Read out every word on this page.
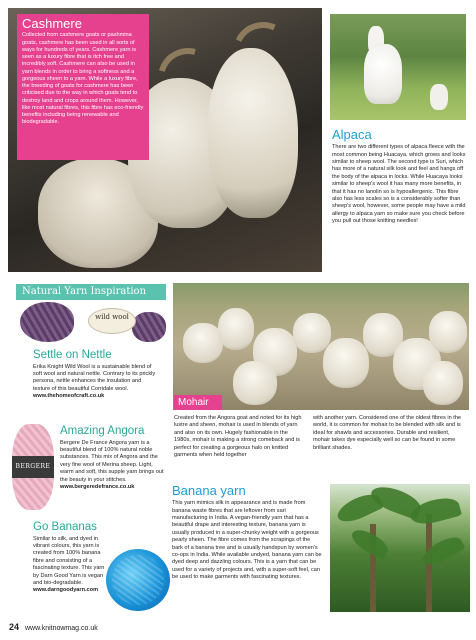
Cashmere

Collected from cashmere goats or pashmina goats, cashmere has been used in all sorts of ways for hundreds of years. Cashmere yarn is seen as a luxury fibre that is itch free and incredibly soft. Cashmere can also be used in yarn blends in order to bring a softness and a gorgeous sheen to a yarn. While a luxury fibre, the breeding of goats for cashmere has been criticised due to the way in which goats tend to destroy land and crops around them. However, like most natural fibres, this fibre has eco-friendly benefits including being renewable and biodegradable.

Alpaca

There are two different types of alpaca fleece with the most common being Huacaya, which grows and looks similar to sheep wool. The second type is Suri, which has more of a natural silk look and feel and hangs off the body of the alpaca in locks. While Huacaya looks similar to sheep's wool it has many more benefits, in that it has no lanolin so is hypoallergenic. This fibre also has less scales so is a considerably softer than sheep's wool, however, some people may have a mild allergy to alpaca yarn so make sure you check before you pull out those knitting needles!

Natural Yarn Inspiration
wild wool
Settle on Nettle

Erika Knight Wild Wool is a sustainable blend of soft wool and natural nettle. Contrary to its prickly persona, nettle enhances the insulation and texture of this beautiful Corridale wool.

www.thehomeofcraft.co.uk

BERGERE
Amazing Angora

Bergere De France Angora yarn is a beautiful blend of 100% natural noble substances. This mix of Angora and the very fine wool of Merina sheep. Light, warm and soft, this supple yarn brings out the beauty in your stitches.

www.bergeredefrance.co.uk

Go Bananas

Similar to silk, and dyed in vibrant colours, this yarn is created from 100% banana fibre and consisting of a fascinating texture. This yarn by Darn Good Yarn is vegan and bio-degradable.

www.darngoodyarn.com

Mohair

Created from the Angora goat and noted for its high lustre and sheen, mohair is used in blends of yarn and also on its own. Hugely fashionable in the 1980s, mohair is making a strong comeback and is perfect for creating a gorgeous halo on knitted garments when held together

with another yarn. Considered one of the oldest fibres in the world, it is common for mohair to be blended with silk and is ideal for shawls and accessories. Durable and resilient, mohair takes dye especially well so can be found in some brilliant shades.

Banana yarn

This yarn mimics silk in appearance and is made from banana waste fibres that are leftover from sari manufacturing in India. A vegan-friendly yarn that has a beautiful drape and interesting texture, banana yarn is usually produced in a super-chunky weight with a gorgeous pearly sheen. The fibre comes from the scrapings of the bark of a banana tree and is usually handspun by women's co-ops in India. While available undyed, banana yarn can be dyed deep and dazzling colours. This is a yarn that can be used for a variety of projects and, with a super-soft feel, can be used to make garments with fascinating textures.

24 www.knitnowmag.co.uk
